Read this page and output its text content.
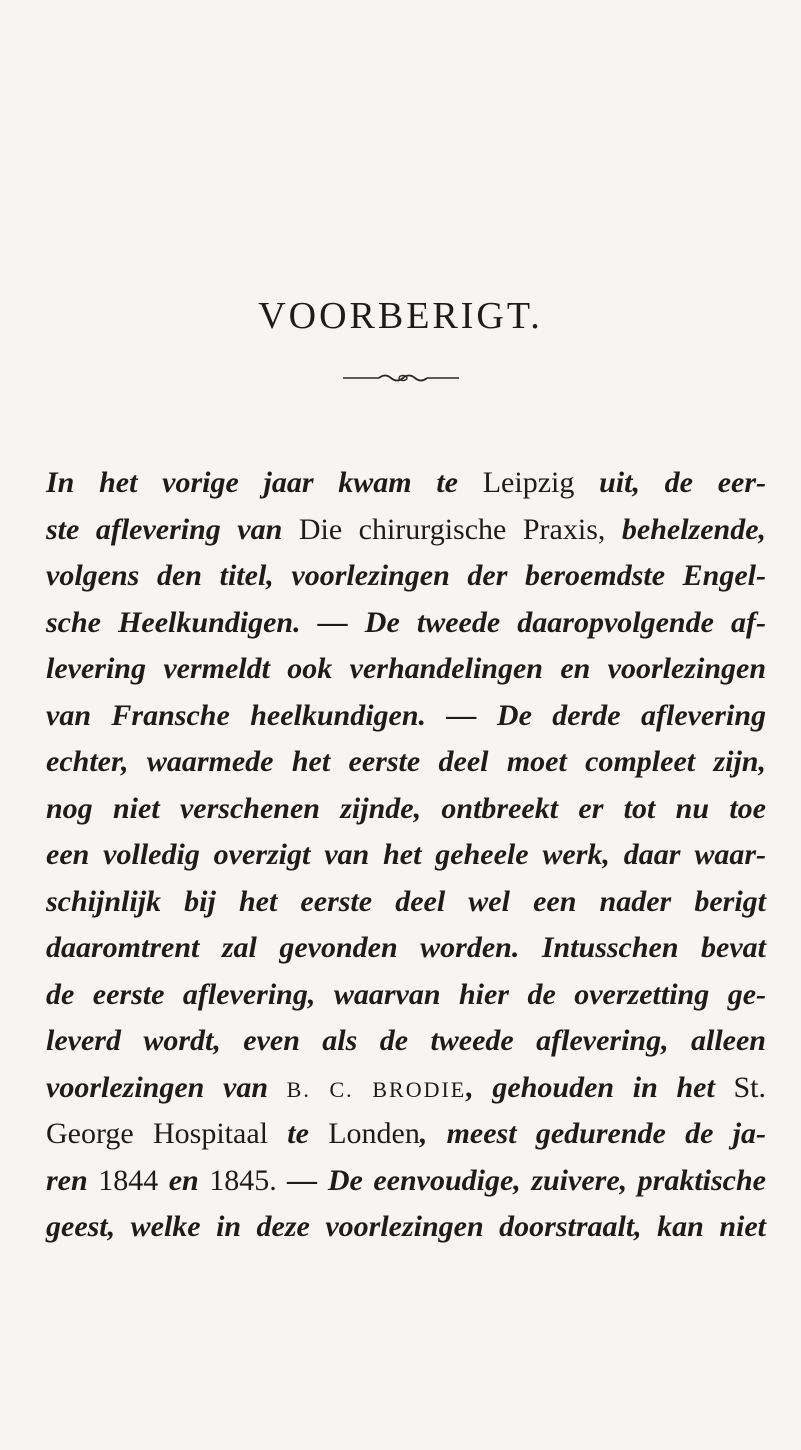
VOORBERIGT.
In het vorige jaar kwam te Leipzig uit, de eer-
ste aflevering van Die chirurgische Praxis, behelzende,
volgens den titel, voorlezingen der beroemdste Engel-
sche Heelkundigen. — De tweede daaropvolgende af-
levering vermeldt ook verhandelingen en voorlezingen
van Fransche heelkundigen. — De derde aflevering
echter, waarmede het eerste deel moet compleet zijn,
nog niet verschenen zijnde, ontbreekt er tot nu toe
een volledig overzigt van het geheele werk, daar waar-
schijnlijk bij het eerste deel wel een nader berigt
daaromtrent zal gevonden worden. Intusschen bevat
de eerste aflevering, waarvan hier de overzetting ge-
leverd wordt, even als de tweede aflevering, alleen
voorlezingen van B. C. BRODIE, gehouden in het St.
George Hospitaal te Londen, meest gedurende de ja-
ren 1844 en 1845. — De eenvoudige, zuivere, praktische
geest, welke in deze voorlezingen doorstraalt, kan niet
